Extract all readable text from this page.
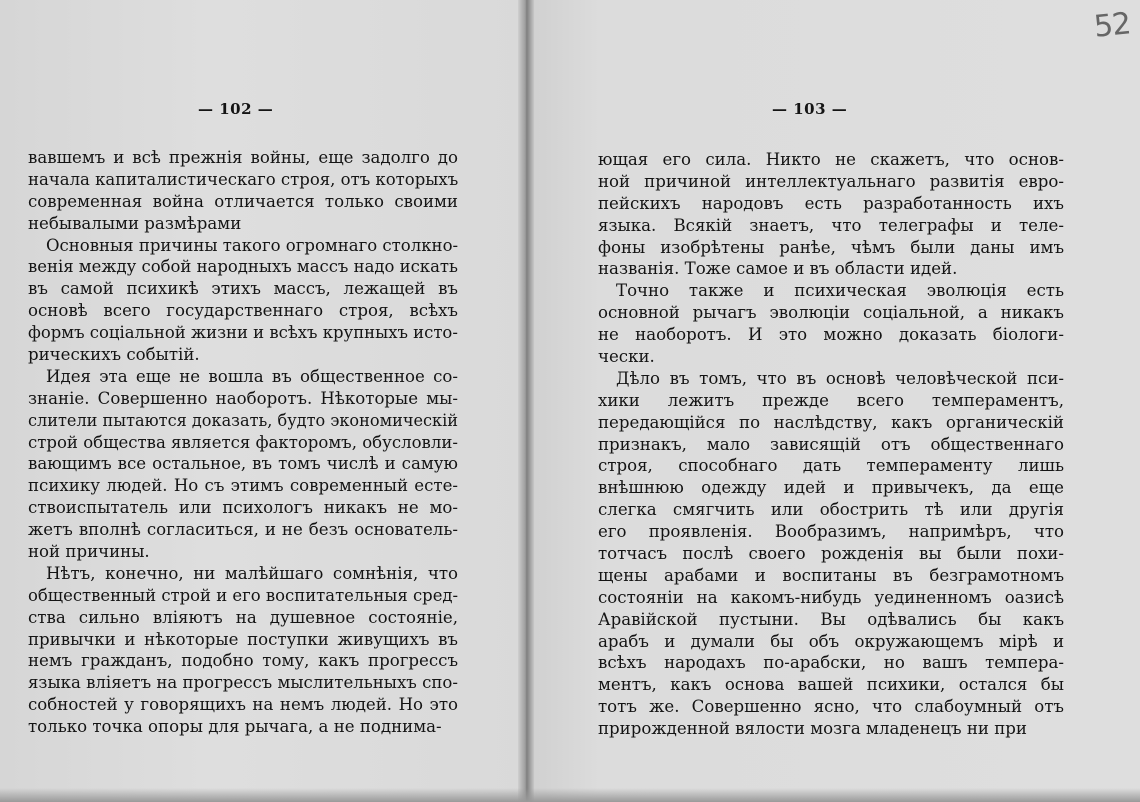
— 102 —
вавшемъ и всѣ прежнія войны, еще задолго до
начала капиталистическаго строя, отъ которыхъ
современная война отличается только своими
небывалыми размѣрами
Основныя причины такого огромнаго столкно-
венія между собой народныхъ массъ надо искать
въ самой психикѣ этихъ массъ, лежащей въ
основѣ всего государственнаго строя, всѣхъ
формъ соціальной жизни и всѣхъ крупныхъ исто-
рическихъ событій.
Идея эта еще не вошла въ общественное со-
знаніе. Совершенно наоборотъ. Нѣкоторые мы-
слители пытаются доказать, будто экономическій
строй общества является факторомъ, обусловли-
вающимъ все остальное, въ томъ числѣ и самую
психику людей. Но съ этимъ современный есте-
ствоиспытатель или психологъ никакъ не мо-
жетъ вполнѣ согласиться, и не безъ основатель-
ной причины.
Нѣтъ, конечно, ни малѣйшаго сомнѣнія, что
общественный строй и его воспитательныя сред-
ства сильно вліяютъ на душевное состояніе,
привычки и нѣкоторые поступки живущихъ въ
немъ гражданъ, подобно тому, какъ прогрессъ
языка вліяетъ на прогрессъ мыслительныхъ спо-
собностей у говорящихъ на немъ людей. Но это
только точка опоры для рычага, а не поднима-
52
— 103 —
ющая его сила. Никто не скажетъ, что основ-
ной причиной интеллектуальнаго развитія евро-
пейскихъ народовъ есть разработанность ихъ
языка. Всякій знаетъ, что телеграфы и теле-
фоны изобрѣтены ранѣе, чѣмъ были даны имъ
названія. Тоже самое и въ области идей.
Точно также и психическая эволюція есть
основной рычагъ эволюціи соціальной, а никакъ
не наоборотъ. И это можно доказать біологи-
чески.
Дѣло въ томъ, что въ основѣ человѣческой пси-
хики лежитъ прежде всего темпераментъ,
передающійся по наслѣдству, какъ органическій
признакъ, мало зависящій отъ общественнаго
строя, способнаго дать темпераменту лишь
внѣшнюю одежду идей и привычекъ, да еще
слегка смягчить или обострить тѣ или другія
его проявленія. Вообразимъ, напримѣръ, что
тотчасъ послѣ своего рожденія вы были похи-
щены арабами и воспитаны въ безграмотномъ
состояніи на какомъ-нибудь уединенномъ оазисѣ
Аравійской пустыни. Вы одѣвались бы какъ
арабъ и думали бы объ окружающемъ мірѣ и
всѣхъ народахъ по-арабски, но вашъ темпера-
ментъ, какъ основа вашей психики, остался бы
тотъ же. Совершенно ясно, что слабоумный отъ
прирожденной вялости мозга младенецъ ни при
